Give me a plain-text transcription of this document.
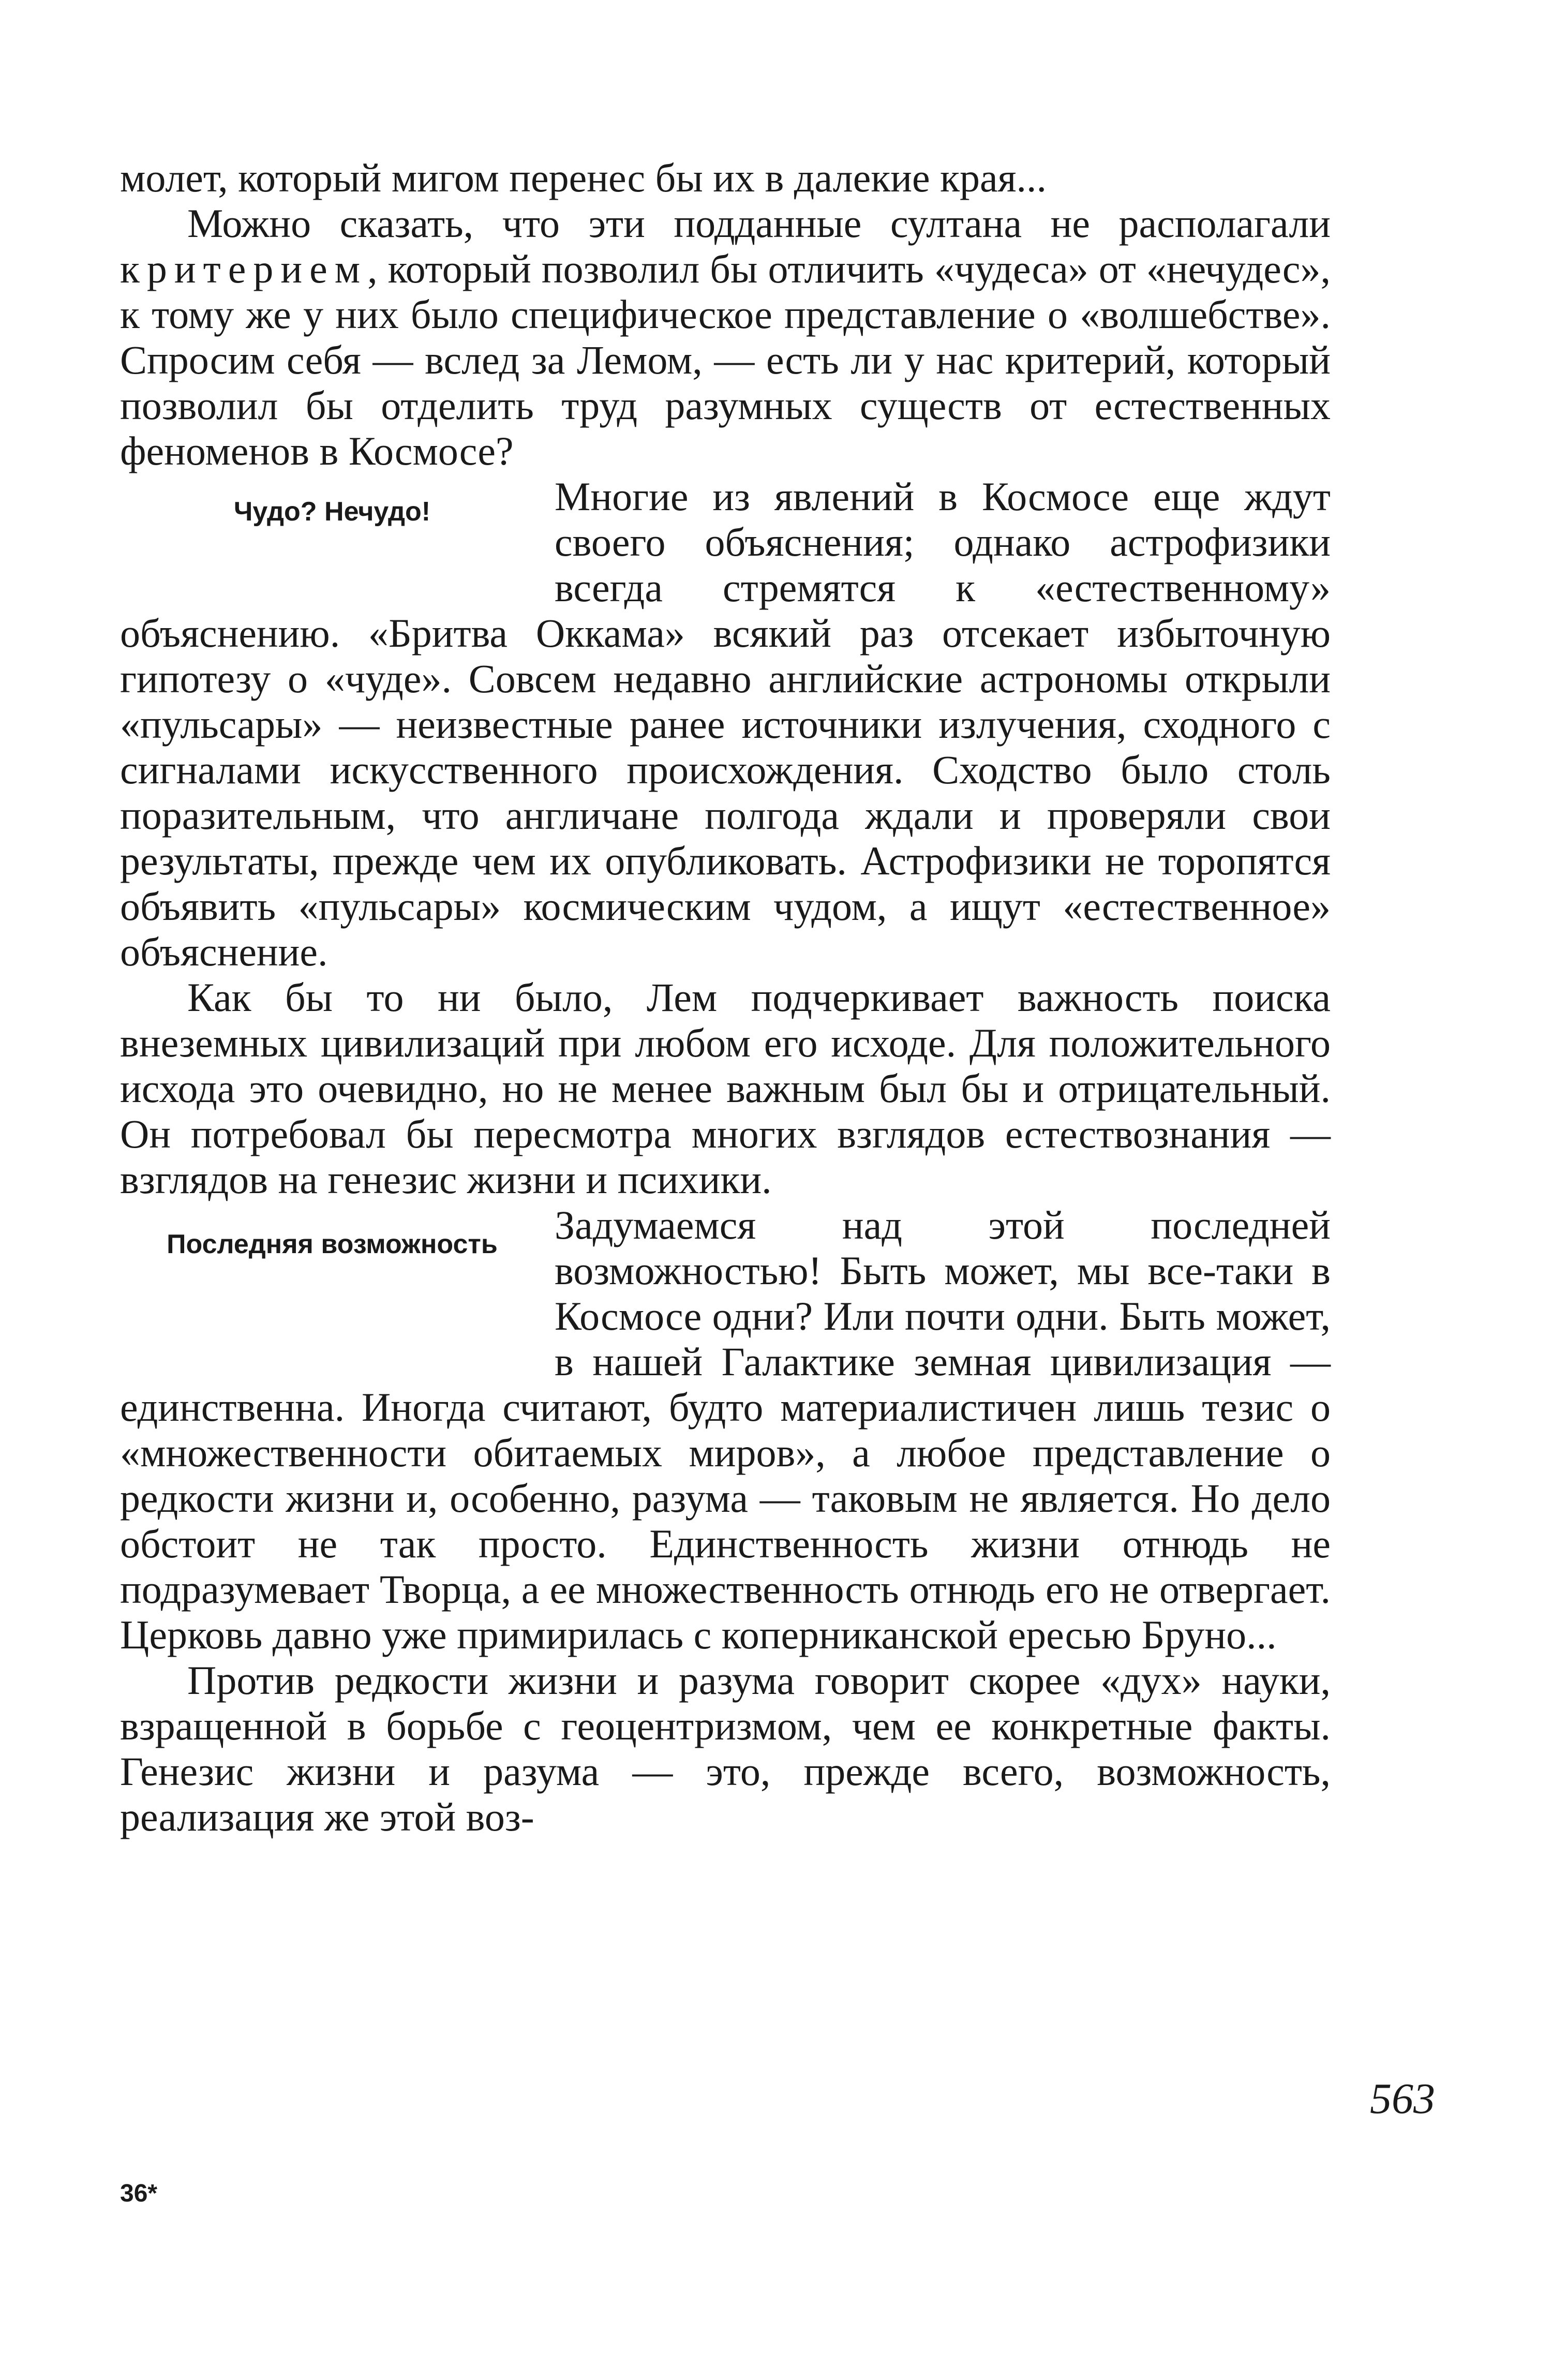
молет, который мигом перенес бы их в далекие края...

Можно сказать, что эти подданные султана не располагали критерием, который позволил бы отличить «чудеса» от «нечудес», к тому же у них было специфическое представление о «волшебстве». Спросим себя — вслед за Лемом, — есть ли у нас критерий, который позволил бы отделить труд разумных существ от естественных феноменов в Космосе?

Чудо? Нечудо!	Многие из явлений в Космосе еще ждут своего объяснения; однако астрофизики всегда стремятся к «естественному» объяснению. «Бритва Оккама» всякий раз отсекает избыточную гипотезу о «чуде». Совсем недавно английские астрономы открыли «пульсары» — неизвестные ранее источники излучения, сходного с сигналами искусственного происхождения. Сходство было столь поразительным, что англичане полгода ждали и проверяли свои результаты, прежде чем их опубликовать. Астрофизики не торопятся объявить «пульсары» космическим чудом, а ищут «естественное» объяснение.

Как бы то ни было, Лем подчеркивает важность поиска внеземных цивилизаций при любом его исходе. Для положительного исхода это очевидно, но не менее важным был бы и отрицательный. Он потребовал бы пересмотра многих взглядов естествознания — взглядов на генезис жизни и психики.

Последняя возможность	Задумаемся над этой последней возможностью! Быть может, мы все-таки в Космосе одни? Или почти одни. Быть может, в нашей Галактике земная цивилизация — единственна. Иногда считают, будто материалистичен лишь тезис о «множественности обитаемых миров», а любое представление о редкости жизни и, особенно, разума — таковым не является. Но дело обстоит не так просто. Единственность жизни отнюдь не подразумевает Творца, а ее множественность отнюдь его не отвергает. Церковь давно уже примирилась с коперниканской ересью Бруно...

Против редкости жизни и разума говорит скорее «дух» науки, взращенной в борьбе с геоцентризмом, чем ее конкретные факты. Генезис жизни и разума — это, прежде всего, возможность, реализация же этой воз-

563
36*
